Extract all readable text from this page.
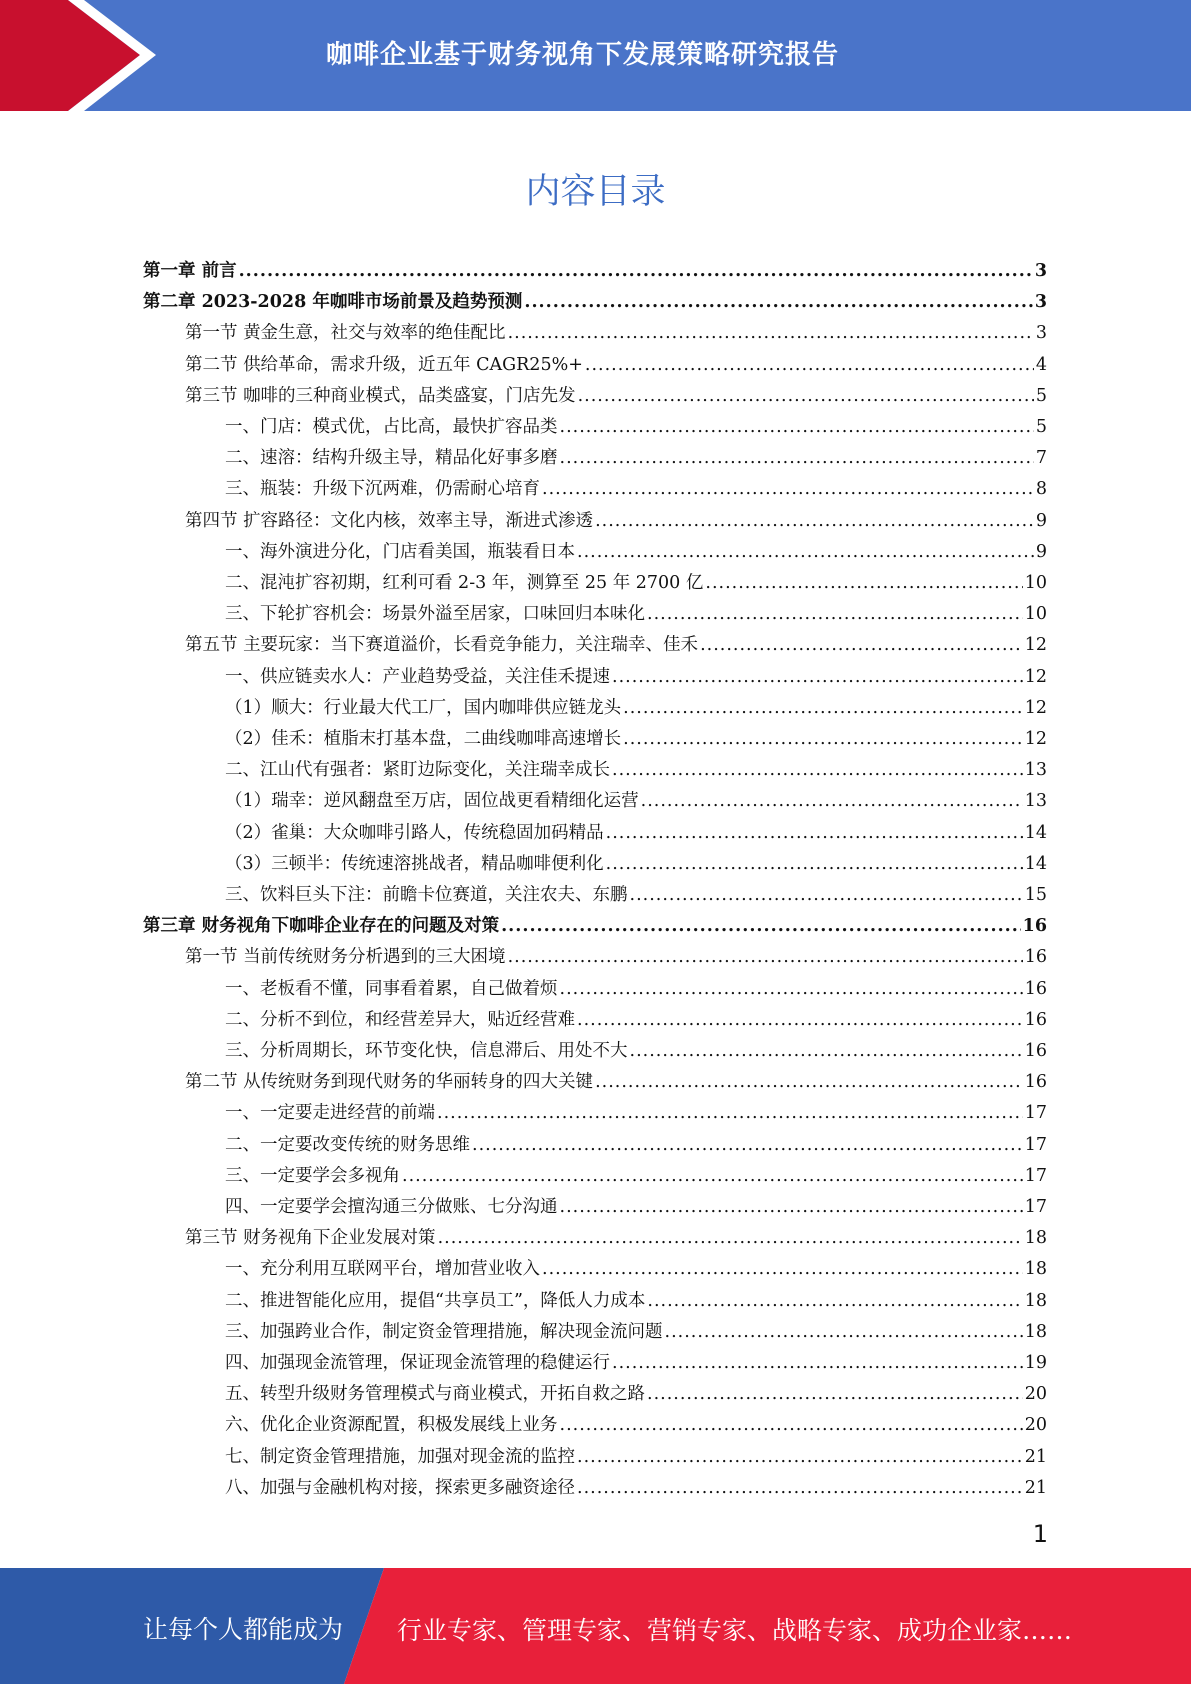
咖啡企业基于财务视角下发展策略研究报告
内容目录
第一章 前言 .....	3
第二章 2023-2028 年咖啡市场前景及趋势预测 .....	3
第一节 黄金生意，社交与效率的绝佳配比 .....	3
第二节 供给革命，需求升级，近五年 CAGR25%+ .....	4
第三节 咖啡的三种商业模式，品类盛宴，门店先发 .....	5
一、门店：模式优，占比高，最快扩容品类 .....	5
二、速溶：结构升级主导，精品化好事多磨 .....	7
三、瓶装：升级下沉两难，仍需耐心培育 .....	8
第四节 扩容路径：文化内核，效率主导，渐进式渗透 .....	9
一、海外演进分化，门店看美国，瓶装看日本 .....	9
二、混沌扩容初期，红利可看 2-3 年，测算至 25 年 2700 亿 .....	10
三、下轮扩容机会：场景外溢至居家，口味回归本味化 .....	10
第五节 主要玩家：当下赛道溢价，长看竞争能力，关注瑞幸、佳禾 .....	12
一、供应链卖水人：产业趋势受益，关注佳禾提速 .....	12
（1）顺大：行业最大代工厂，国内咖啡供应链龙头 .....	12
（2）佳禾：植脂末打基本盘，二曲线咖啡高速增长 .....	12
二、江山代有强者：紧盯边际变化，关注瑞幸成长 .....	13
（1）瑞幸：逆风翻盘至万店，固位战更看精细化运营 .....	13
（2）雀巢：大众咖啡引路人，传统稳固加码精品 .....	14
（3）三顿半：传统速溶挑战者，精品咖啡便利化 .....	14
三、饮料巨头下注：前瞻卡位赛道，关注农夫、东鹏 .....	15
第三章 财务视角下咖啡企业存在的问题及对策 .....	16
第一节 当前传统财务分析遇到的三大困境 .....	16
一、老板看不懂，同事看着累，自己做着烦 .....	16
二、分析不到位，和经营差异大，贴近经营难 .....	16
三、分析周期长，环节变化快，信息滞后、用处不大 .....	16
第二节 从传统财务到现代财务的华丽转身的四大关键 .....	16
一、一定要走进经营的前端 .....	17
二、一定要改变传统的财务思维 .....	17
三、一定要学会多视角 .....	17
四、一定要学会擅沟通三分做账、七分沟通 .....	17
第三节 财务视角下企业发展对策 .....	18
一、充分利用互联网平台，增加营业收入 .....	18
二、推进智能化应用，提倡“共享员工”，降低人力成本 .....	18
三、加强跨业合作，制定资金管理措施，解决现金流问题 .....	18
四、加强现金流管理，保证现金流管理的稳健运行 .....	19
五、转型升级财务管理模式与商业模式，开拓自救之路 .....	20
六、优化企业资源配置，积极发展线上业务 .....	20
七、制定资金管理措施，加强对现金流的监控 .....	21
八、加强与金融机构对接，探索更多融资途径 .....	21
1
让每个人都能成为 行业专家、管理专家、营销专家、战略专家、成功企业家……
